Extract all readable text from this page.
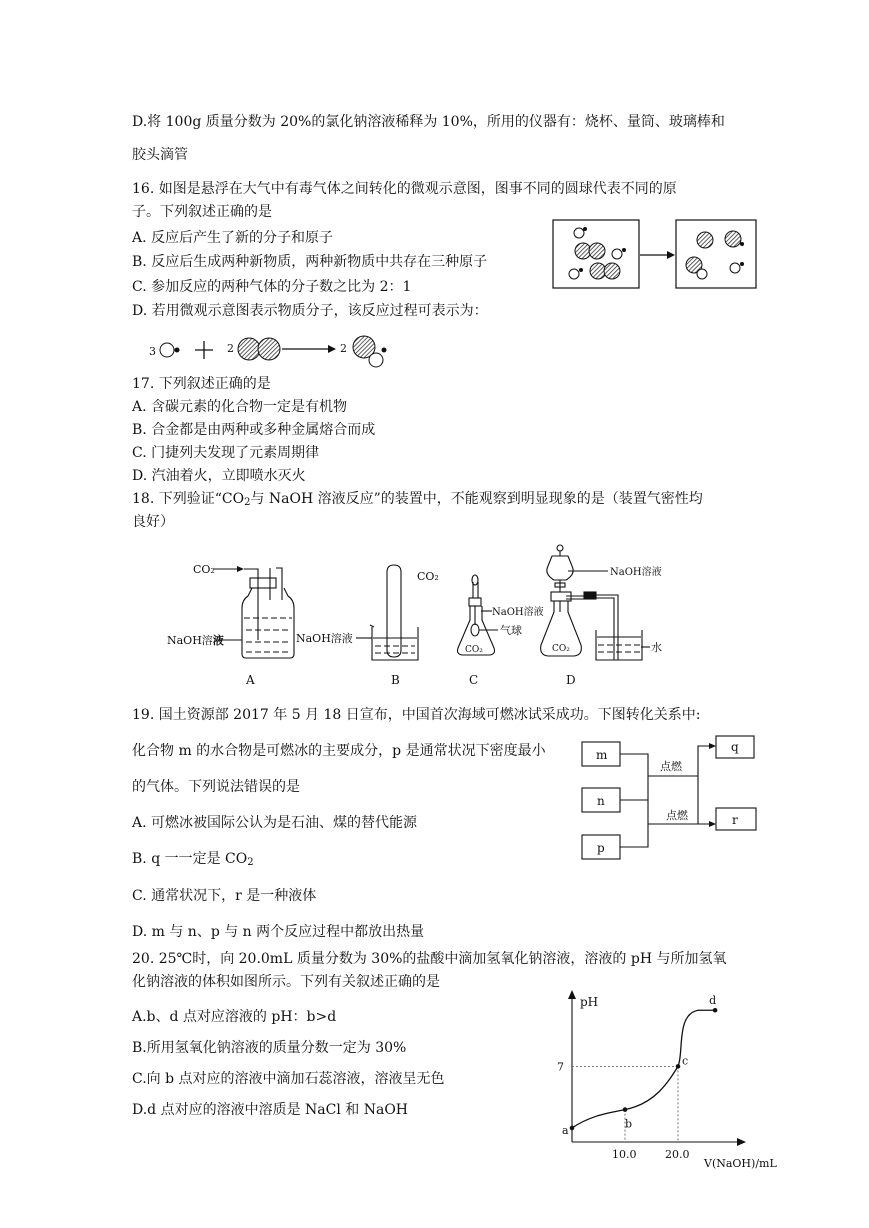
D.将 100g 质量分数为 20%的氯化钠溶液稀释为 10%，所用的仪器有：烧杯、量筒、玻璃棒和
胶头滴管
16. 如图是悬浮在大气中有毒气体之间转化的微观示意图，图事不同的圆球代表不同的原
子。下列叙述正确的是
A. 反应后产生了新的分子和原子
B. 反应后生成两种新物质，两种新物质中共存在三种原子
C. 参加反应的两种气体的分子数之比为 2：1
D. 若用微观示意图表示物质分子，该反应过程可表示为：
3	2	2
17. 下列叙述正确的是
A. 含碳元素的化合物一定是有机物
B. 合金都是由两种或多种金属熔合而成
C. 门捷列夫发现了元素周期律
D. 汽油着火，立即喷水灭火
18. 下列验证“$CO_2$与 NaOH 溶液反应”的装置中，不能观察到明显现象的是（装置气密性均
良好）
CO₂
NaOH溶液
CO₂
NaOH溶液
NaOH溶液
气球
CO₂
NaOH溶液
CO₂	水
A	B	C	D
19. 国土资源部 2017 年 5 月 18 日宣布，中国首次海域可燃冰试采成功。下图转化关系中:
化合物 m 的水合物是可燃冰的主要成分，p 是通常状况下密度最小
的气体。下列说法错误的是
A. 可燃冰被国际公认为是石油、煤的替代能源
B. q 一一定是 $CO_2$
C. 通常状况下，r 是一种液体
D. m 与 n、p 与 n 两个反应过程中都放出热量
点燃
点燃
m
n
p
q
r
20. 25℃时，向 20.0mL 质量分数为 30%的盐酸中滴加氢氧化钠溶液，溶液的 pH 与所加氢氧
化钠溶液的体积如图所示。下列有关叙述正确的是
A.b、d 点对应溶液的 pH：b>d
B.所用氢氧化钠溶液的质量分数一定为 30%
C.向 b 点对应的溶液中滴加石蕊溶液，溶液呈无色
D.d 点对应的溶液中溶质是 NaCl 和 NaOH
a	b
c
d
pH
V(NaOH)/mL
10.0	20.0
7
